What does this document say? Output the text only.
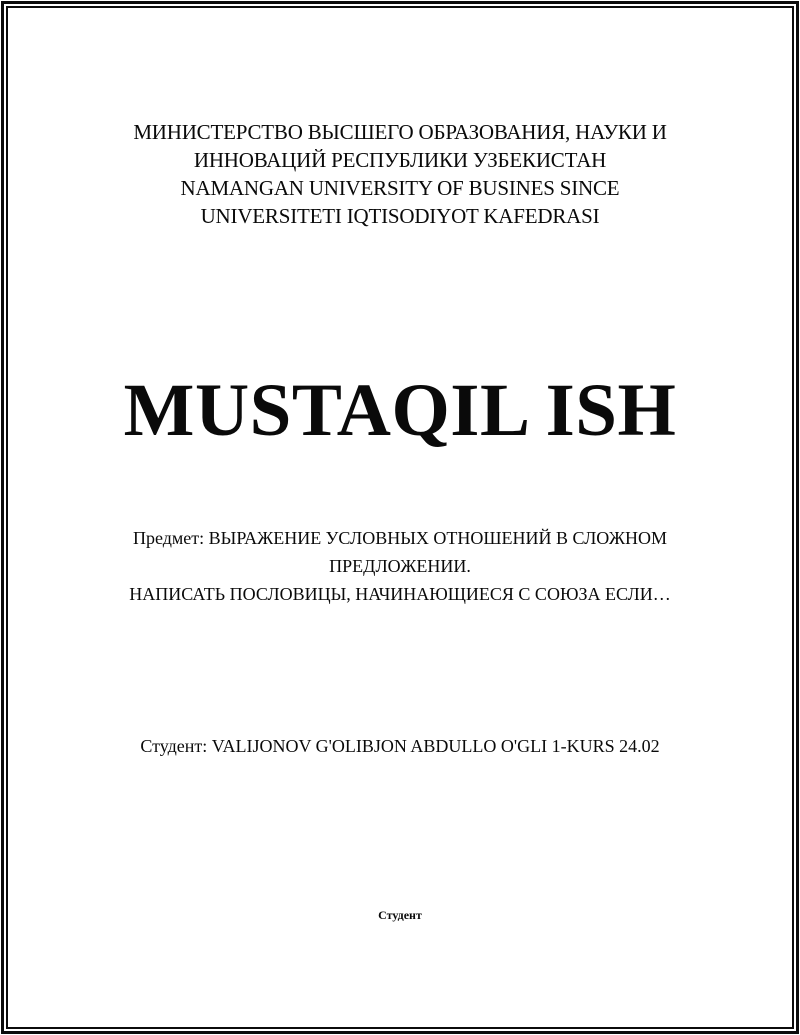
МИНИСТЕРСТВО ВЫСШЕГО ОБРАЗОВАНИЯ, НАУКИ И
ИННОВАЦИЙ РЕСПУБЛИКИ УЗБЕКИСТАН
NAMANGAN UNIVERSITY OF BUSINES SINCE
UNIVERSITETI IQTISODIYOT KAFEDRASI
MUSTAQIL ISH
Предмет: ВЫРАЖЕНИЕ УСЛОВНЫХ ОТНОШЕНИЙ В СЛОЖНОМ
ПРЕДЛОЖЕНИИ.
НАПИСАТЬ ПОСЛОВИЦЫ, НАЧИНАЮЩИЕСЯ С СОЮЗА ЕСЛИ…
Студент: VALIJONOV G'OLIBJON ABDULLO O'GLI 1-KURS 24.02
Студент
